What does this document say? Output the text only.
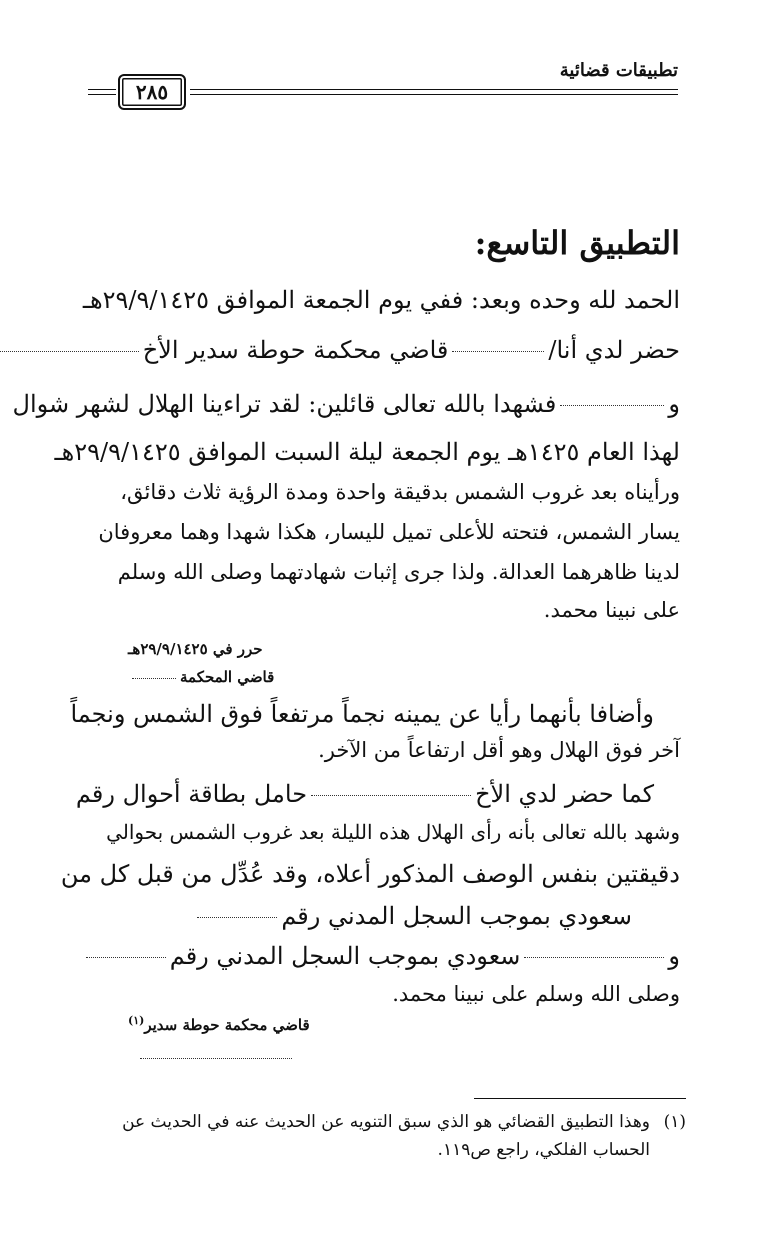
تطبيقات قضائية
٢٨٥
التطبيق التاسع:
الحمد لله وحده وبعد: ففي يوم الجمعة الموافق ٢٩/٩/١٤٢٥هـ
حضر لدي أنا/قاضي محكمة حوطة سدير الأخ
وفشهدا بالله تعالى قائلين: لقد تراءينا الهلال لشهر شوال
لهذا العام ١٤٢٥هـ يوم الجمعة ليلة السبت الموافق ٢٩/٩/١٤٢٥هـ
ورأيناه بعد غروب الشمس بدقيقة واحدة ومدة الرؤية ثلاث دقائق،
يسار الشمس، فتحته للأعلى تميل لليسار، هكذا شهدا وهما معروفان
لدينا ظاهرهما العدالة. ولذا جرى إثبات شهادتهما وصلى الله وسلم
على نبينا محمد.
حرر في ٢٩/٩/١٤٢٥هـ
قاضي المحكمة
وأضافا بأنهما رأيا عن يمينه نجماً مرتفعاً فوق الشمس ونجماً
آخر فوق الهلال وهو أقل ارتفاعاً من الآخر.
كما حضر لدي الأخحامل بطاقة أحوال رقم
وشهد بالله تعالى بأنه رأى الهلال هذه الليلة بعد غروب الشمس بحوالي
دقيقتين بنفس الوصف المذكور أعلاه، وقد عُدِّل من قبل كل من
سعودي بموجب السجل المدني رقم
وسعودي بموجب السجل المدني رقم
وصلى الله وسلم على نبينا محمد.
قاضي محكمة حوطة سدير$^{(١)}$
(١)
وهذا التطبيق القضائي هو الذي سبق التنويه عن الحديث عنه في الحديث عن
الحساب الفلكي، راجع ص١١٩.
